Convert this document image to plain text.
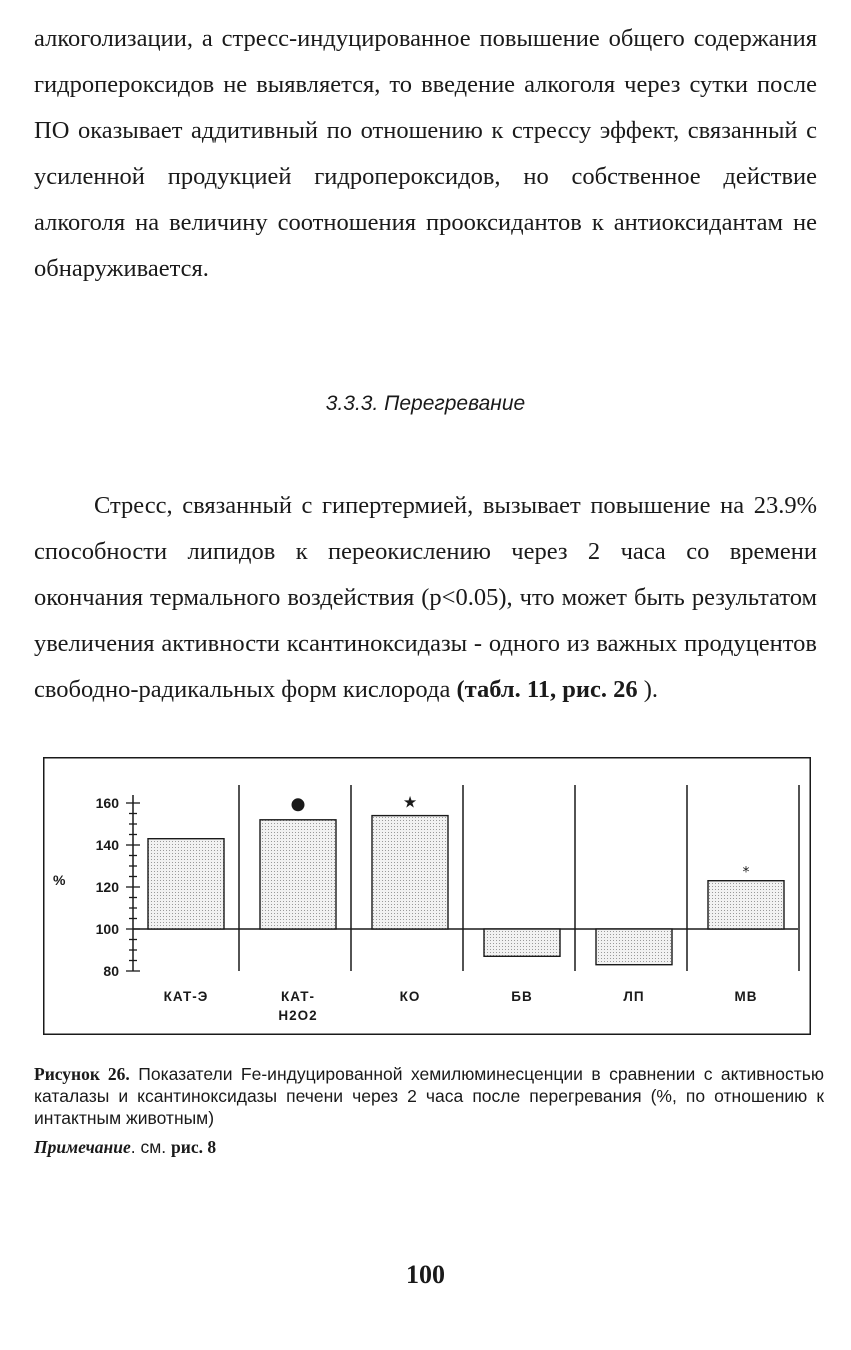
алкоголизации, а стресс-индуцированное повышение общего содержания гидропероксидов не выявляется, то введение алкоголя через сутки после ПО оказывает аддитивный по отношению к стрессу эффект, связанный с усиленной продукцией гидропероксидов, но собственное действие алкоголя на величину соотношения прооксидантов к антиоксидантам не обнаруживается.

3.3.3. Перегревание

Стресс, связанный с гипертермией, вызывает повышение на 23.9% способности липидов к переокислению через 2 часа со времени окончания термального воздействия (p<0.05), что может быть результатом увеличения активности ксантиноксидазы - одного из важных продуцентов свободно-радикальных форм кислорода (табл. 11, рис. 26 ).

80
100
120
140
160
%
КАТ-Э	КАТ-
H2O2
★
КО	БВ	ЛП
*
МВ

Рисунок 26. Показатели Fe-индуцированной хемилюминесценции в сравнении с активностью каталазы и ксантиноксидазы печени через 2 часа после перегревания (%, по отношению к интактным животным)

Примечание. см. рис. 8

100
